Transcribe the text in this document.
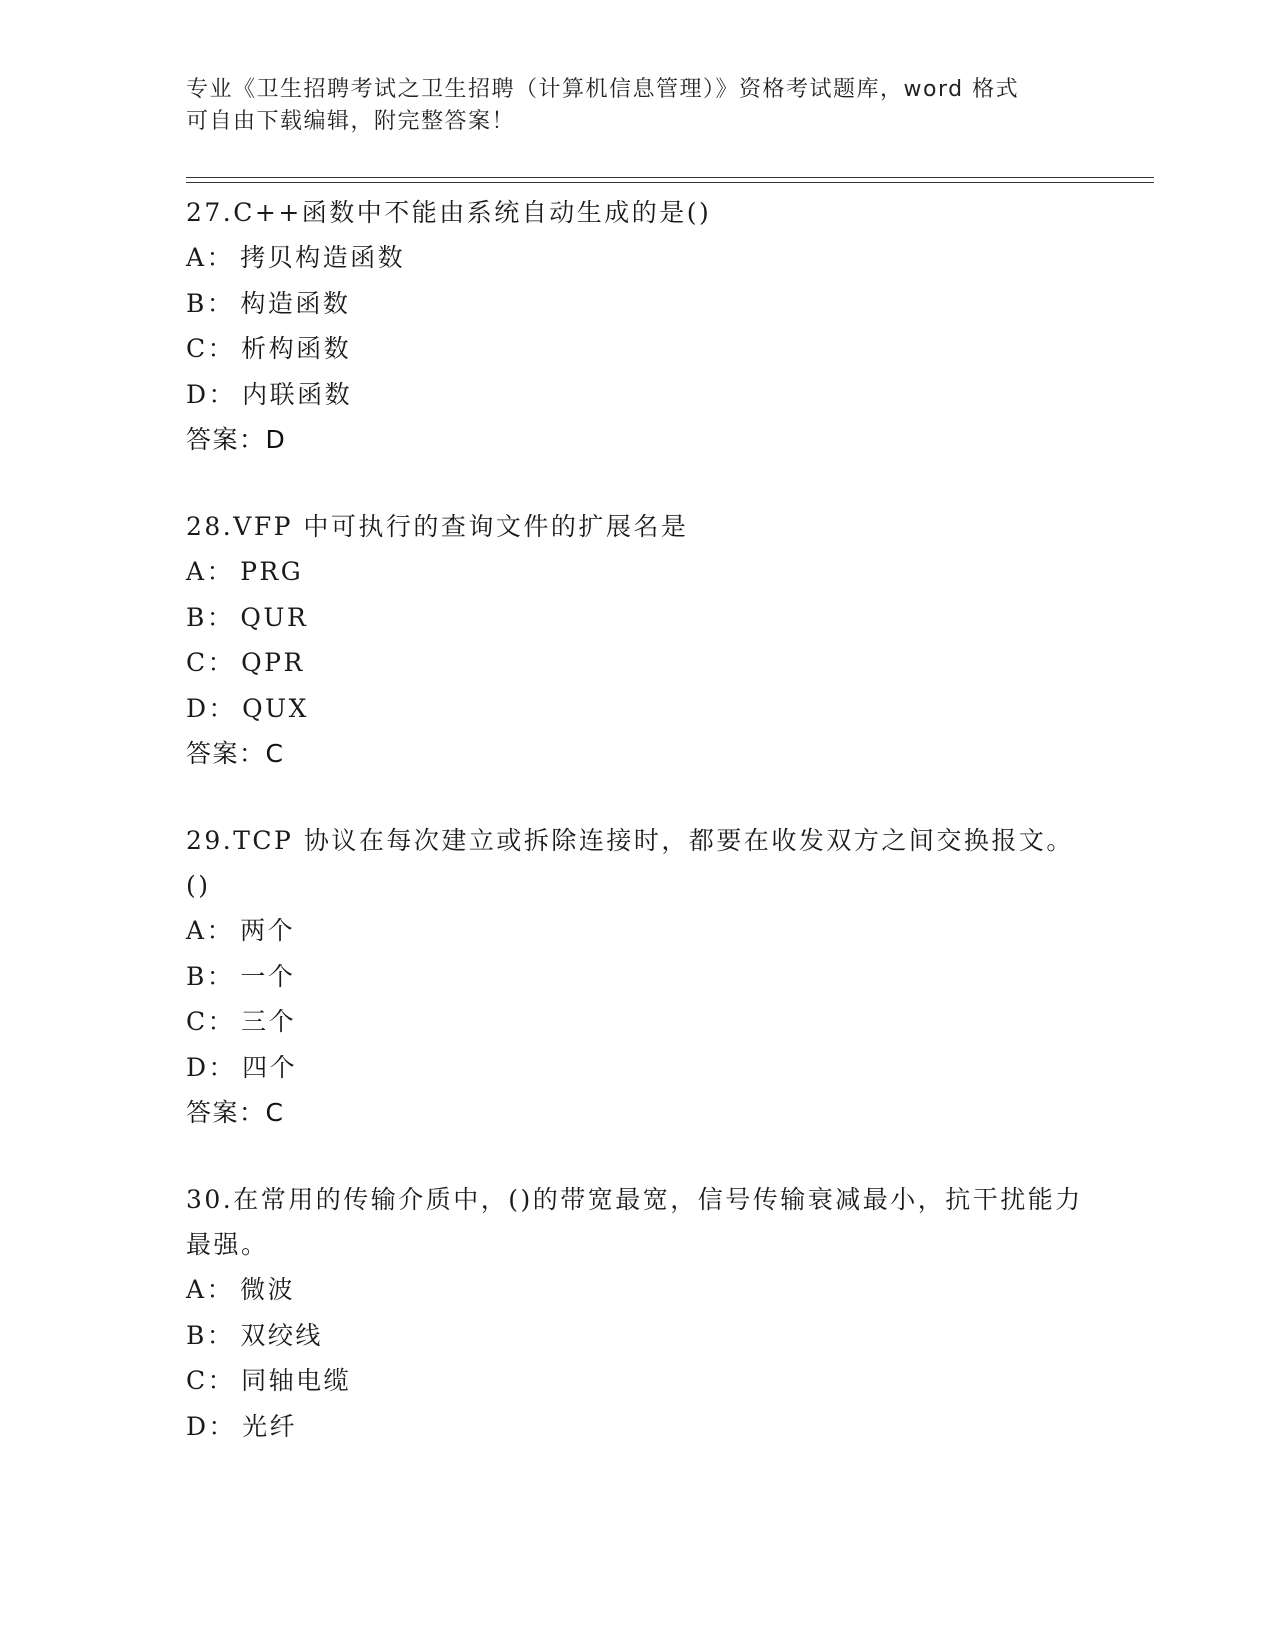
专业《卫生招聘考试之卫生招聘（计算机信息管理）》资格考试题库，word 格式
可自由下载编辑，附完整答案！

27.C++函数中不能由系统自动生成的是()

A： 拷贝构造函数
B： 构造函数
C： 析构函数
D： 内联函数
答案：D

28.VFP 中可执行的查询文件的扩展名是

A： PRG
B： QUR
C： QPR
D： QUX
答案：C

29.TCP 协议在每次建立或拆除连接时，都要在收发双方之间交换报文。()

A： 两个
B： 一个
C： 三个
D： 四个
答案：C

30.在常用的传输介质中，()的带宽最宽，信号传输衰减最小，抗干扰能力最强。

A： 微波
B： 双绞线
C： 同轴电缆
D： 光纤
